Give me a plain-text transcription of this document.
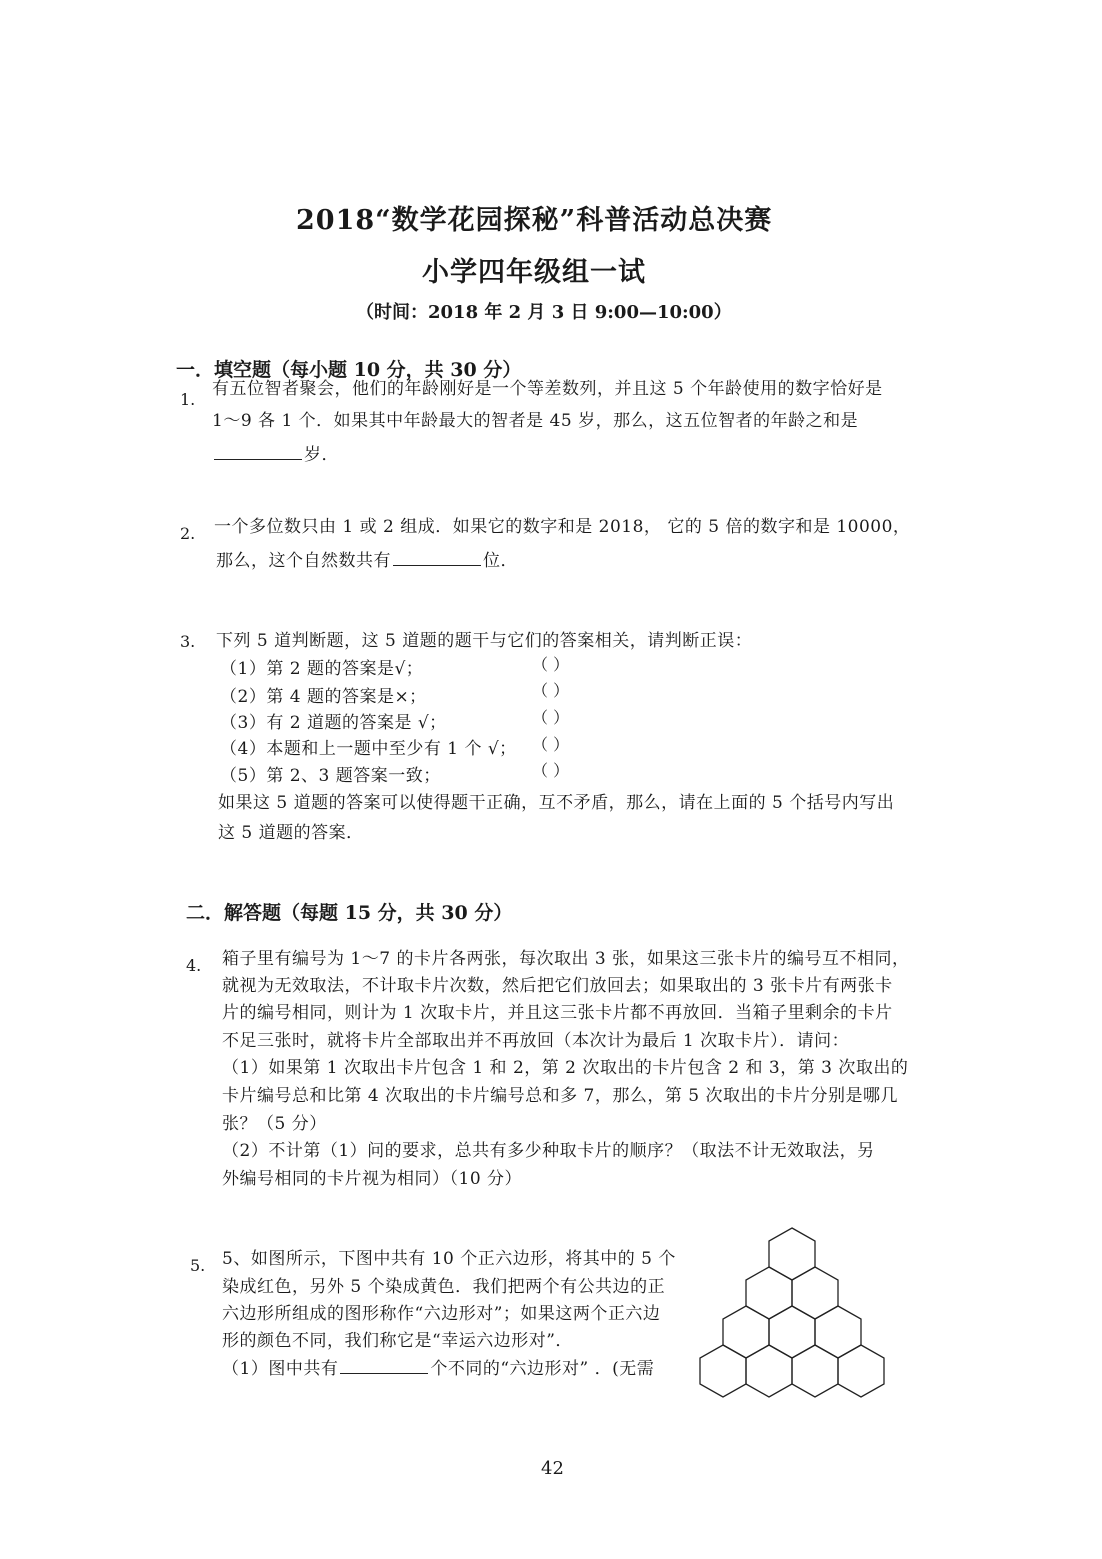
2018“数学花园探秘”科普活动总决赛
小学四年级组一试
（时间：2018 年 2 月 3 日 9:00—10:00）
一．填空题（每小题 10 分，共 30 分）
1.
有五位智者聚会，他们的年龄刚好是一个等差数列，并且这 5 个年龄使用的数字恰好是
1～9 各 1 个．如果其中年龄最大的智者是 45 岁，那么，这五位智者的年龄之和是
岁．
2. 一个多位数只由 1 或 2 组成．如果它的数字和是 2018， 它的 5 倍的数字和是 10000，
那么，这个自然数共有	位．
3. 下列 5 道判断题，这 5 道题的题干与它们的答案相关，请判断正误：
（1）第 2 题的答案是√；	（ ）
（2）第 4 题的答案是×；	（ ）
（3）有 2 道题的答案是 √；	（ ）
（4）本题和上一题中至少有 1 个 √； （ ）
（5）第 2、3 题答案一致；	（ ）
如果这 5 道题的答案可以使得题干正确，互不矛盾，那么，请在上面的 5 个括号内写出
这 5 道题的答案．
二．解答题（每题 15 分，共 30 分）
4. 箱子里有编号为 1～7 的卡片各两张，每次取出 3 张，如果这三张卡片的编号互不相同，
就视为无效取法，不计取卡片次数，然后把它们放回去；如果取出的 3 张卡片有两张卡
片的编号相同，则计为 1 次取卡片，并且这三张卡片都不再放回．当箱子里剩余的卡片
不足三张时，就将卡片全部取出并不再放回（本次计为最后 1 次取卡片）．请问：
（1）如果第 1 次取出卡片包含 1 和 2，第 2 次取出的卡片包含 2 和 3，第 3 次取出的
卡片编号总和比第 4 次取出的卡片编号总和多 7，那么，第 5 次取出的卡片分别是哪几
张？（5 分）
（2）不计第（1）问的要求，总共有多少种取卡片的顺序？（取法不计无效取法，另
外编号相同的卡片视为相同）（10 分）
5. 5、如图所示，下图中共有 10 个正六边形，将其中的 5 个
染成红色，另外 5 个染成黄色．我们把两个有公共边的正
六边形所组成的图形称作“六边形对”；如果这两个正六边
形的颜色不同，我们称它是“幸运六边形对”．
（1）图中共有	个不同的“六边形对” ．(无需
42
